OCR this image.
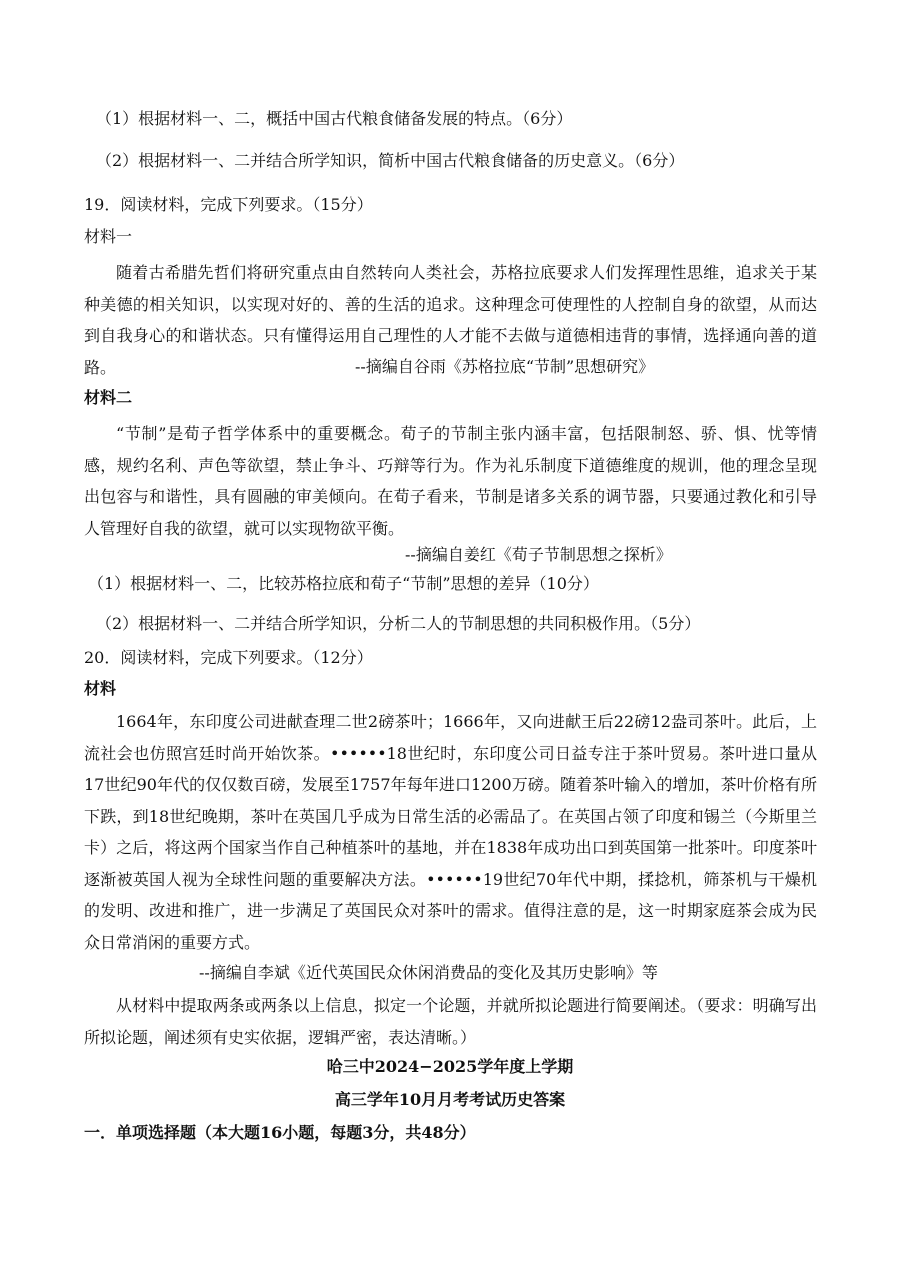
（1）根据材料一、二，概括中国古代粮食储备发展的特点。（6分）
（2）根据材料一、二并结合所学知识，简析中国古代粮食储备的历史意义。（6分）
19．阅读材料，完成下列要求。（15分）
材料一
随着古希腊先哲们将研究重点由自然转向人类社会，苏格拉底要求人们发挥理性思维，追求关于某种美德的相关知识，以实现对好的、善的生活的追求。这种理念可使理性的人控制自身的欲望，从而达到自我身心的和谐状态。只有懂得运用自己理性的人才能不去做与道德相违背的事情，选择通向善的道路。	--摘编自谷雨《苏格拉底“节制”思想研究》
材料二
“节制”是荀子哲学体系中的重要概念。荀子的节制主张内涵丰富，包括限制怒、骄、惧、忧等情感，规约名利、声色等欲望，禁止争斗、巧辩等行为。作为礼乐制度下道德维度的规训，他的理念呈现出包容与和谐性，具有圆融的审美倾向。在荀子看来，节制是诸多关系的调节器，只要通过教化和引导人管理好自我的欲望，就可以实现物欲平衡。
--摘编自姜红《荀子节制思想之探析》
（1）根据材料一、二，比较苏格拉底和荀子“节制”思想的差异（10分）
（2）根据材料一、二并结合所学知识，分析二人的节制思想的共同积极作用。（5分）
20．阅读材料，完成下列要求。（12分）
材料
1664年，东印度公司进献查理二世2磅茶叶；1666年，又向进献王后22磅12盎司茶叶。此后，上流社会也仿照宫廷时尚开始饮茶。••••••18世纪时，东印度公司日益专注于茶叶贸易。茶叶进口量从17世纪90年代的仅仅数百磅，发展至1757年每年进口1200万磅。随着茶叶输入的增加，茶叶价格有所下跌，到18世纪晚期，茶叶在英国几乎成为日常生活的必需品了。在英国占领了印度和锡兰（今斯里兰卡）之后，将这两个国家当作自己种植茶叶的基地，并在1838年成功出口到英国第一批茶叶。印度茶叶逐渐被英国人视为全球性问题的重要解决方法。••••••19世纪70年代中期，揉捻机，筛茶机与干燥机的发明、改进和推广，进一步满足了英国民众对茶叶的需求。值得注意的是，这一时期家庭茶会成为民众日常消闲的重要方式。
--摘编自李斌《近代英国民众休闲消费品的变化及其历史影响》等
从材料中提取两条或两条以上信息，拟定一个论题，并就所拟论题进行简要阐述。（要求：明确写出所拟论题，阐述须有史实依据，逻辑严密，表达清晰。）
哈三中2024−2025学年度上学期
高三学年10月月考考试历史答案
一．单项选择题（本大题16小题，每题3分，共48分）
